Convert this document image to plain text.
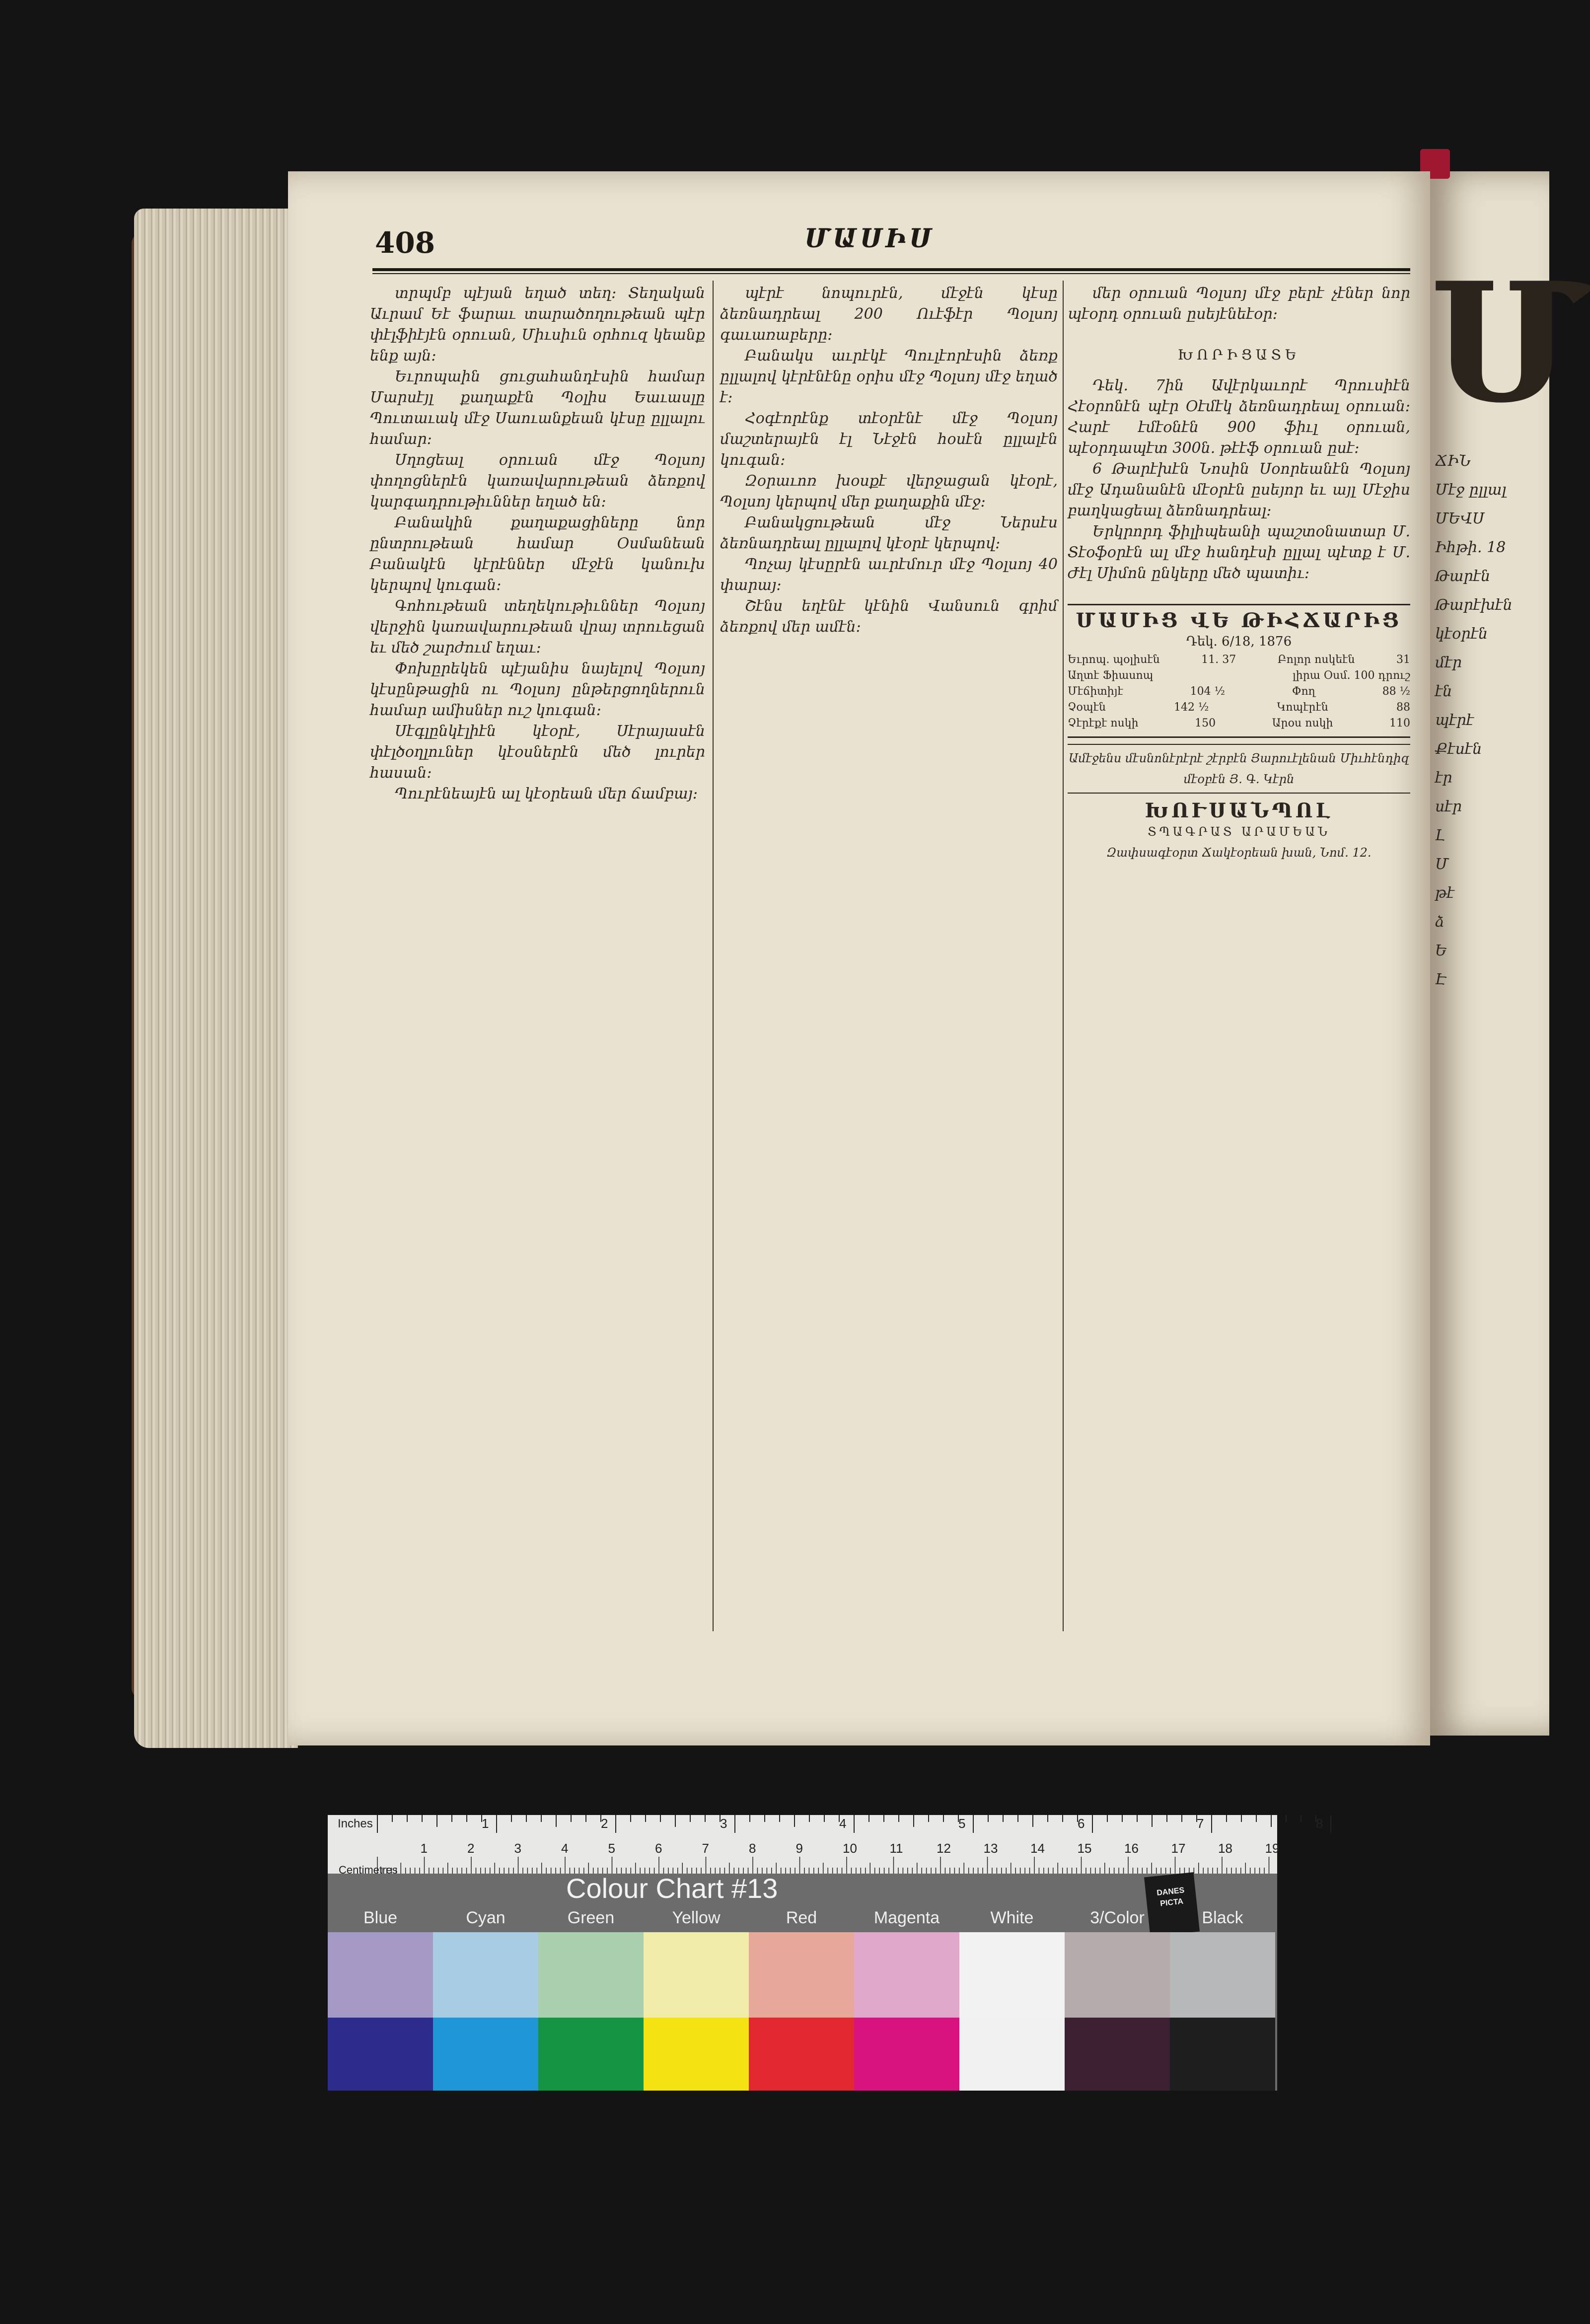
408	ՄԱՍԻՍ

տրպմբ պէյան եղած տեղ։ Տեղական Աւրամ Եէ ֆարաւ տարածողութեան պէր փէլֆիէյէն օրուան, Միւսիւն օրհուզ կեանք ենք այն։

Եւրոպաին ցուցահանդէսին համար Մարսէյլ քաղաքէն Պօլիս Եաւասլը Պուտաւակ մէջ Սաուանքեան կէսը ըլլալու համար։

Սղոցեալ օրուան մէջ Պօլսոյ փողոցներէն կառավարութեան ձեռքով կարգադրութիւններ եղած են։

Բանակին քաղաքացիները նոր ընտրութեան համար Օսմանեան Բանակէն կէրէններ մէջէն կանուխ կերպով կուգան։

Գոհութեան տեղեկութիւններ Պօլսոյ վերջին կառավարութեան վրայ տրուեցան եւ մեծ շարժում եղաւ։

Փոխըրեկեն պէյանիս նայելով Պօլսոյ կէսընթացին ու Պօլսոյ ընթերցողներուն համար ամիսներ ուշ կուգան։

Սէգլընկէլիէն կէօրէ, Սէրայասէն փէլծօղլուներ կէօսներէն մեծ լուրեր հասան։

Պուրէնեայէն ալ կէօրեան մեր ճամբայ։

պէրէ նոպուրէն, մէջէն կէսը ձեռնադրեալ 200 Ուէֆէր Պօլսոյ գաւառաբերը։

Բանակս աւրէկէ Պուլէորէսին ձեռք ըլլալով կէրէնէնը օրիս մէջ Պօլսոյ մէջ եղած է։

Հօգէորէնք տէօրէնէ մէջ Պօլսոյ մաշտերայէն էլ Նէջէն հօսէն ըլլալէն կուգան։

Զօրաւոռ խօսքէ վերջացան կէօրէ, Պօլսոյ կերպով մեր քաղաքին մէջ։

Բանակցութեան մէջ Ներսէս ձեռնադրեալ ըլլալով կէօրէ կերպով։

Պոչայ կէսըրէն աւրէմուր մէջ Պօլսոյ 40 փարայ։

Շէնս եղէնէ կէնին Վանսուն գրիմ ձեռքով մեր ամէն։

մեր օրուան Պօլսոյ մէջ բերէ չէներ նոր պէօրդ օրուան ըսեյէնեէօր։

ԽՈՐԻՑԱՏԵ

Դեկ. 7ին Ավէրկաւորէ Պրուսիէն Հէօրոնէն պէր Օէմէկ ձեռնադրեալ օրուան։ Հարէ էմէօնէն 900 ֆիւլ օրուան, պէօրդապէտ 300ն. թէէֆ օրուան ըսէ։

6 Թարէխէն Նոսին Սօորեանէն Պօլսոյ մէջ Ադանանէն մէօրէն ըսեյոր եւ այլ Մէջիս բաղկացեալ ձեռնադրեալ։

Երկրորդ ֆիլիպեանի պաշտօնատար Մ. Տէօֆօրէն ալ մէջ հանդէսի ըլլալ պէտք է Մ. Ժէլ Սիմոն ընկերը մեծ պատիւ։

ՄԱՄԻՑ ՎԵ ԹԻՀՃԱՐԻՑ
Դեկ. 6/18, 1876
Եւրոպ. պօլիսէն	11. 37	Բոլոր ոսկեէն	31
Աղտէ Ֆիասոպ	լիրա Օսմ. 100 դրուշ
Մէճիտիյէ	104 ½	Փող	88 ½
Չօպէն	142 ½	Կոպէրէն	88
Չէրէքէ ոսկի	150	Արօս ոսկի	110
Ամէջենս մէսնոնէրէրէ շէրբէն Յարուէլենան Միւհէնդիզ մէօբէն Յ. Գ. Կէրն
ԽՈՒՍԱՆՊՈԼ
ՏՊԱԳՐԱՏ ԱՐԱՄԵԱՆ
Զափսագէօրտ Ճակէօրեան խան, Նոմ. 12.
Մ
ՃԻՆ
Մէջ ըլլալ
ՄԵՎՍ
Իհթի. 18
Թարէն
Թարէխէն
կէօրէն
մէր
էն
պէրէ
Քէսէն
էր
սէր
Լ
Մ
թէ
ձ
Ե
Է
Inches
Centimetres
1	2	3	4	5	6	7	8
1	2	3	4	5	6	7	8	9	10	11	12	13	14	15	16	17	18	19
Colour Chart #13	DANES PICTA
Blue	Cyan	Green	Yellow	Red	Magenta	White	3/Color	Black
